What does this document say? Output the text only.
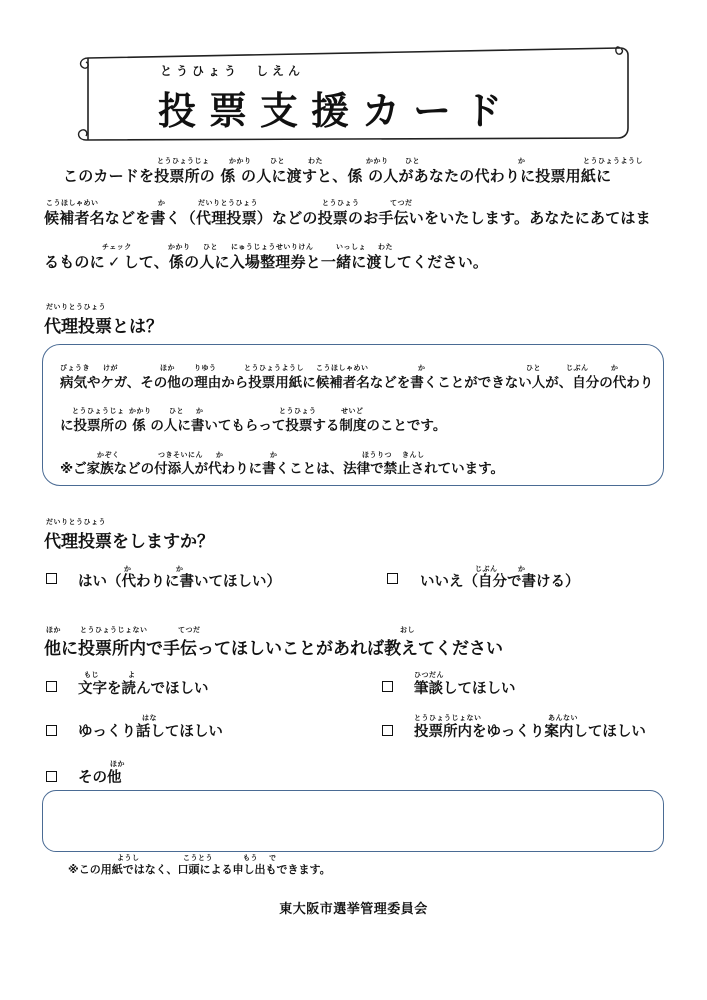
とうひょう　しえん
投票支援カード
とうひょうじょ	かかり	ひと	わた	かかり ひと	か	とうひょうようし
このカードを投票所の 係 の人に渡すと、係 の人があなたの代わりに投票用紙に
こうほしゃめい	か	だいりとうひょう	とうひょう	てつだ
候補者名などを書く（代理投票）などの投票のお手伝いをいたします。あなたにあてはま
チェック	かかり ひと にゅうじょうせいりけん	いっしょ わた
るものに ✓ して、係の人に入場整理券と一緒に渡してください。
だいりとうひょう
代理投票とは？
びょうき けが	ほか	りゆう	とうひょうようし こうほしゃめい	か	ひと	じぶん	か
病気やケガ、その他の理由から投票用紙に候補者名などを書くことができない人が、自分の代わり
とうひょうじょ かかり	ひと か	とうひょう	せいど
に投票所の 係 の人に書いてもらって投票する制度のことです。
かぞく	つきそいにん か	か	ほうりつ きんし
※ご家族などの付添人が代わりに書くことは、法律で禁止されています。
だいりとうひょう
代理投票をしますか？
か	か
はい（代わりに書いてほしい）
じぶん	か
いいえ（自分で書ける）
ほか	とうひょうじょない	てつだ	おし
他に投票所内で手伝ってほしいことがあれば教えてください
もじ	よ
文字を読んでほしい
ひつだん
筆談してほしい
はな
ゆっくり話してほしい
とうひょうじょない	あんない
投票所内をゆっくり案内してほしい
ほか
その他
ようし	こうとう	もう で
※この用紙ではなく、口頭による申し出もできます。
東大阪市選挙管理委員会
